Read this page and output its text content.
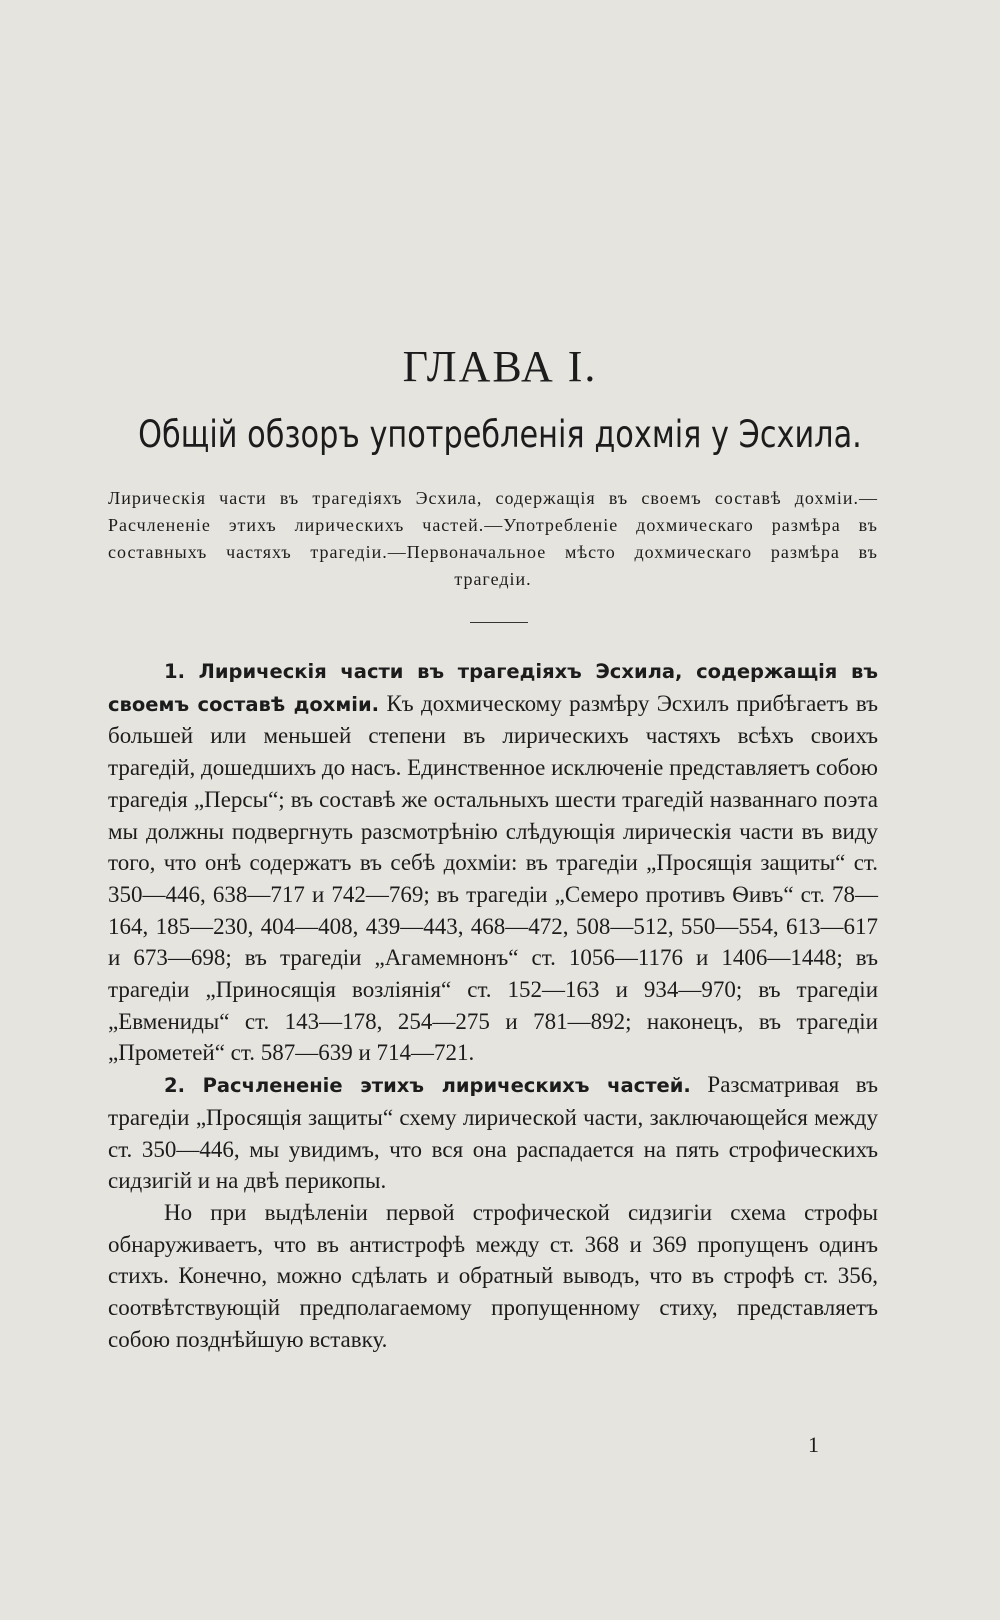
ГЛАВА I.
Общій обзоръ употребленія дохмія у Эсхила.
Лирическія части въ трагедіяхъ Эсхила, содержащія въ своемъ составѣ дохміи.—Расчлененіе этихъ лирическихъ частей.—Употребленіе дохмическаго размѣра въ составныхъ частяхъ трагедіи.—Первоначальное мѣсто дохмическаго размѣра въ трагедіи.

1. Лирическія части въ трагедіяхъ Эсхила, содержащія въ своемъ составѣ дохміи. Къ дохмическому размѣру Эсхилъ прибѣгаетъ въ большей или меньшей степени въ лирическихъ частяхъ всѣхъ своихъ трагедій, дошедшихъ до насъ. Единственное исключеніе представляетъ собою трагедія „Персы“; въ составѣ же остальныхъ шести трагедій названнаго поэта мы должны подвергнуть разсмотрѣнію слѣдующія лирическія части въ виду того, что онѣ содержатъ въ себѣ дохміи: въ трагедіи „Просящія защиты“ ст. 350—446, 638—717 и 742—769; въ трагедіи „Семеро противъ Ѳивъ“ ст. 78—164, 185—230, 404—408, 439—443, 468—472, 508—512, 550—554, 613—617 и 673—698; въ трагедіи „Агамемнонъ“ ст. 1056—1176 и 1406—1448; въ трагедіи „Приносящія возліянія“ ст. 152—163 и 934—970; въ трагедіи „Евмениды“ ст. 143—178, 254—275 и 781—892; наконецъ, въ трагедіи „Прометей“ ст. 587—639 и 714—721.

2. Расчлененіе этихъ лирическихъ частей. Разсматривая въ трагедіи „Просящія защиты“ схему лирической части, заключающейся между ст. 350—446, мы увидимъ, что вся она распадается на пять строфическихъ сидзигій и на двѣ перикопы.

Но при выдѣленіи первой строфической сидзигіи схема строфы обнаруживаетъ, что въ антистрофѣ между ст. 368 и 369 пропущенъ одинъ стихъ. Конечно, можно сдѣлать и обратный выводъ, что въ строфѣ ст. 356, соотвѣтствующій предполагаемому пропущенному стиху, представляетъ собою позднѣйшую вставку.

1
